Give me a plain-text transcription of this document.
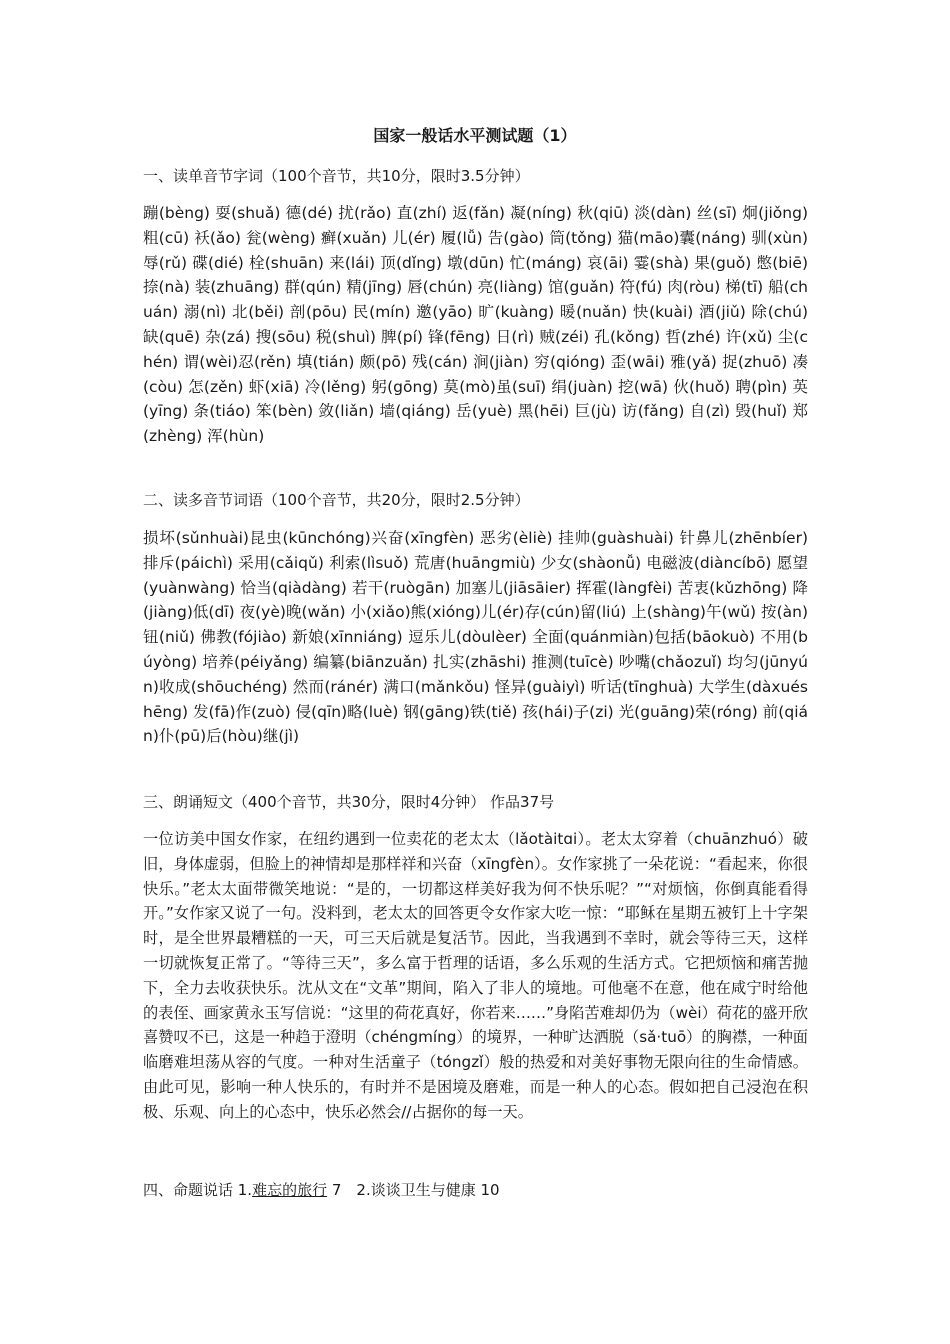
国家一般话水平测试题（1）
一、读单音节字词（100个音节，共10分，限时3.5分钟）
蹦(bèng) 耍(shuǎ) 德(dé) 扰(rǎo) 直(zhí) 返(fǎn) 凝(níng) 秋(qiū) 淡(dàn) 丝(sī) 炯(jiǒng) 粗(cū) 袄(ǎo) 瓮(wèng) 癣(xuǎn) 儿(ér) 履(lǚ) 告(gào) 筒(tǒng) 猫(māo)囊(náng) 驯(xùn) 辱(rǔ) 碟(dié) 栓(shuān) 来(lái) 顶(dǐng) 墩(dūn) 忙(máng) 哀(āi) 霎(shà) 果(guǒ) 憋(biē) 捺(nà) 装(zhuāng) 群(qún) 精(jīng) 唇(chún) 亮(liàng) 馆(guǎn) 符(fú) 肉(ròu) 梯(tī) 船(chuán) 溺(nì) 北(běi) 剖(pōu) 民(mín) 邀(yāo) 旷(kuàng) 暖(nuǎn) 快(kuài) 酒(jiǔ) 除(chú) 缺(quē) 杂(zá) 搜(sōu) 税(shuì) 脾(pí) 锋(fēng) 日(rì) 贼(zéi) 孔(kǒng) 哲(zhé) 许(xǔ) 尘(chén) 谓(wèi)忍(rěn) 填(tián) 颇(pō) 残(cán) 涧(jiàn) 穷(qióng) 歪(wāi) 雅(yǎ) 捉(zhuō) 凑(còu) 怎(zěn) 虾(xiā) 冷(lěng) 躬(gōng) 莫(mò)虽(suī) 绢(juàn) 挖(wā) 伙(huǒ) 聘(pìn) 英(yīng) 条(tiáo) 笨(bèn) 敛(liǎn) 墙(qiáng) 岳(yuè) 黑(hēi) 巨(jù) 访(fǎng) 自(zì) 毁(huǐ) 郑(zhèng) 浑(hùn)
二、读多音节词语（100个音节，共20分，限时2.5分钟）
损坏(sǔnhuài)昆虫(kūnchóng)兴奋(xīngfèn) 恶劣(èliè) 挂帅(guàshuài) 针鼻儿(zhēnbíer) 排斥(páichì) 采用(cǎiqǔ) 利索(lìsuǒ) 荒唐(huāngmiù) 少女(shàonǚ) 电磁波(diàncíbō) 愿望(yuànwàng) 恰当(qiàdàng) 若干(ruògān) 加塞儿(jiāsāier) 挥霍(làngfèi) 苦衷(kǔzhōng) 降(jiàng)低(dī) 夜(yè)晚(wǎn) 小(xiǎo)熊(xióng)儿(ér)存(cún)留(liú) 上(shàng)午(wǔ) 按(àn)钮(niǔ) 佛教(fójiào) 新娘(xīnniáng) 逗乐儿(dòulèer) 全面(quánmiàn)包括(bāokuò) 不用(búyòng) 培养(péiyǎng) 编纂(biānzuǎn) 扎实(zhāshi) 推测(tuīcè) 吵嘴(chǎozuǐ) 均匀(jūnyún)收成(shōuchéng) 然而(ránér) 满口(mǎnkǒu) 怪异(guàiyì) 听话(tīnghuà) 大学生(dàxuéshēng) 发(fā)作(zuò) 侵(qīn)略(luè) 钢(gāng)铁(tiě) 孩(hái)子(zi) 光(guāng)荣(róng) 前(qián)仆(pū)后(hòu)继(jì)
三、朗诵短文（400个音节，共30分，限时4分钟） 作品37号
一位访美中国女作家，在纽约遇到一位卖花的老太太（lǎotàitɑi）。老太太穿着（chuānzhuó）破旧，身体虚弱，但脸上的神情却是那样祥和兴奋（xīngfèn）。女作家挑了一朵花说：“看起来，你很快乐。”老太太面带微笑地说：“是的，一切都这样美好我为何不快乐呢？”“对烦恼，你倒真能看得开。”女作家又说了一句。没料到，老太太的回答更令女作家大吃一惊：“耶稣在星期五被钉上十字架时，是全世界最糟糕的一天，可三天后就是复活节。因此，当我遇到不幸时，就会等待三天，这样一切就恢复正常了。“等待三天”，多么富于哲理的话语，多么乐观的生活方式。它把烦恼和痛苦抛下，全力去收获快乐。沈从文在“文革”期间，陷入了非人的境地。可他毫不在意，他在咸宁时给他的表侄、画家黄永玉写信说：“这里的荷花真好，你若来……”身陷苦难却仍为（wèi）荷花的盛开欣喜赞叹不已，这是一种趋于澄明（chéngmíng）的境界，一种旷达洒脱（sǎ·tuō）的胸襟，一种面临磨难坦荡从容的气度。一种对生活童子（tóngzǐ）般的热爱和对美好事物无限向往的生命情感。由此可见，影响一种人快乐的，有时并不是困境及磨难，而是一种人的心态。假如把自己浸泡在积极、乐观、向上的心态中，快乐必然会//占据你的每一天。
四、命题说话 1.难忘的旅行 7　2.谈谈卫生与健康 10
